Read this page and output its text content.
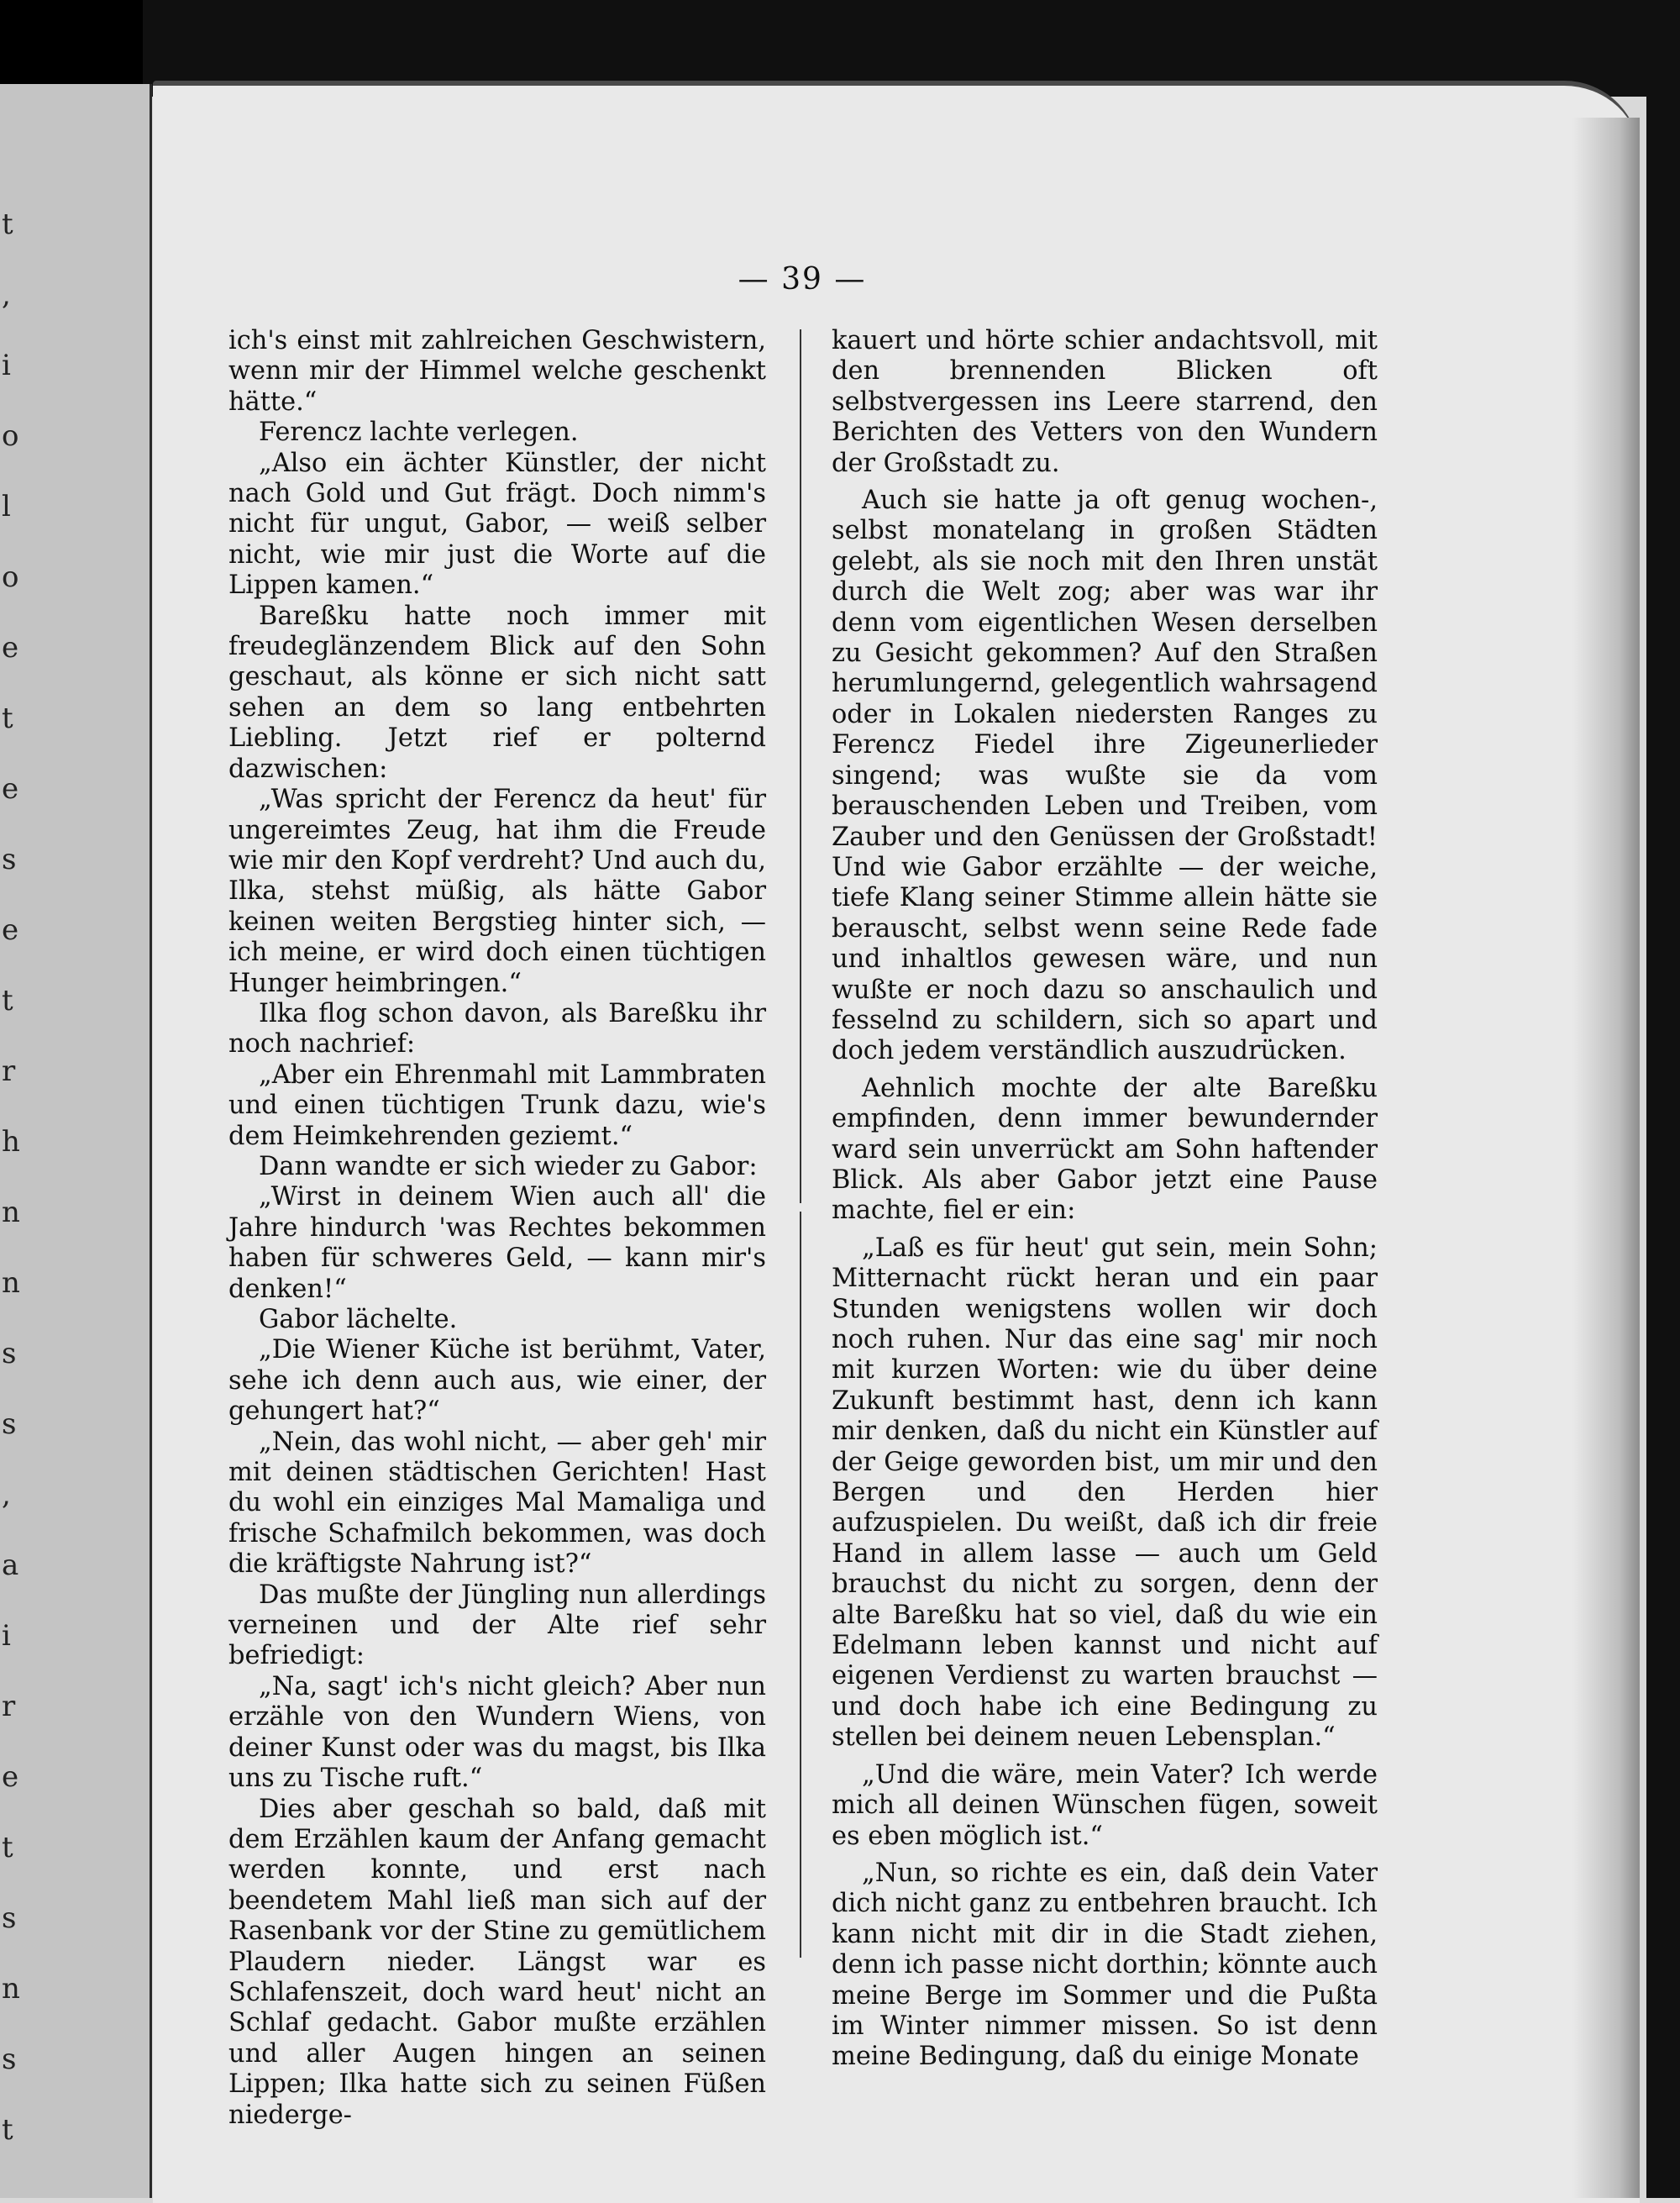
t
,
i
o
l
o
e
t
e
s
e
t
r
h
n
n
s
s
,
a
i
r
e
t
s
n
s
t
— 39 —

ich's einst mit zahlreichen Geschwistern, wenn mir der Himmel welche geschenkt hätte.“

Ferencz lachte verlegen.

„Also ein ächter Künstler, der nicht nach Gold und Gut frägt. Doch nimm's nicht für ungut, Gabor, — weiß selber nicht, wie mir just die Worte auf die Lippen kamen.“

Bareßku hatte noch immer mit freudeglänzendem Blick auf den Sohn geschaut, als könne er sich nicht satt sehen an dem so lang entbehrten Liebling. Jetzt rief er polternd dazwischen:

„Was spricht der Ferencz da heut' für ungereimtes Zeug, hat ihm die Freude wie mir den Kopf verdreht? Und auch du, Ilka, stehst müßig, als hätte Gabor keinen weiten Bergstieg hinter sich, — ich meine, er wird doch einen tüchtigen Hunger heimbringen.“

Ilka flog schon davon, als Bareßku ihr noch nachrief:

„Aber ein Ehrenmahl mit Lammbraten und einen tüchtigen Trunk dazu, wie's dem Heimkehrenden geziemt.“

Dann wandte er sich wieder zu Gabor:

„Wirst in deinem Wien auch all' die Jahre hindurch 'was Rechtes bekommen haben für schweres Geld, — kann mir's denken!“

Gabor lächelte.

„Die Wiener Küche ist berühmt, Vater, sehe ich denn auch aus, wie einer, der gehungert hat?“

„Nein, das wohl nicht, — aber geh' mir mit deinen städtischen Gerichten! Hast du wohl ein einziges Mal Mamaliga und frische Schafmilch bekommen, was doch die kräftigste Nahrung ist?“

Das mußte der Jüngling nun allerdings verneinen und der Alte rief sehr befriedigt:

„Na, sagt' ich's nicht gleich? Aber nun erzähle von den Wundern Wiens, von deiner Kunst oder was du magst, bis Ilka uns zu Tische ruft.“

Dies aber geschah so bald, daß mit dem Erzählen kaum der Anfang gemacht werden konnte, und erst nach beendetem Mahl ließ man sich auf der Rasenbank vor der Stine zu gemütlichem Plaudern nieder. Längst war es Schlafenszeit, doch ward heut' nicht an Schlaf gedacht. Gabor mußte erzählen und aller Augen hingen an seinen Lippen; Ilka hatte sich zu seinen Füßen niederge-

kauert und hörte schier andachtsvoll, mit den brennenden Blicken oft selbstvergessen ins Leere starrend, den Berichten des Vetters von den Wundern der Großstadt zu.

Auch sie hatte ja oft genug wochen-, selbst monatelang in großen Städten gelebt, als sie noch mit den Ihren unstät durch die Welt zog; aber was war ihr denn vom eigentlichen Wesen derselben zu Gesicht gekommen? Auf den Straßen herumlungernd, gelegentlich wahrsagend oder in Lokalen niedersten Ranges zu Ferencz Fiedel ihre Zigeunerlieder singend; was wußte sie da vom berauschenden Leben und Treiben, vom Zauber und den Genüssen der Großstadt! Und wie Gabor erzählte — der weiche, tiefe Klang seiner Stimme allein hätte sie berauscht, selbst wenn seine Rede fade und inhaltlos gewesen wäre, und nun wußte er noch dazu so anschaulich und fesselnd zu schildern, sich so apart und doch jedem verständlich auszudrücken.

Aehnlich mochte der alte Bareßku empfinden, denn immer bewundernder ward sein unverrückt am Sohn haftender Blick. Als aber Gabor jetzt eine Pause machte, fiel er ein:

„Laß es für heut' gut sein, mein Sohn; Mitternacht rückt heran und ein paar Stunden wenigstens wollen wir doch noch ruhen. Nur das eine sag' mir noch mit kurzen Worten: wie du über deine Zukunft bestimmt hast, denn ich kann mir denken, daß du nicht ein Künstler auf der Geige geworden bist, um mir und den Bergen und den Herden hier aufzuspielen. Du weißt, daß ich dir freie Hand in allem lasse — auch um Geld brauchst du nicht zu sorgen, denn der alte Bareßku hat so viel, daß du wie ein Edelmann leben kannst und nicht auf eigenen Verdienst zu warten brauchst — und doch habe ich eine Bedingung zu stellen bei deinem neuen Lebensplan.“

„Und die wäre, mein Vater? Ich werde mich all deinen Wünschen fügen, soweit es eben möglich ist.“

„Nun, so richte es ein, daß dein Vater dich nicht ganz zu entbehren braucht. Ich kann nicht mit dir in die Stadt ziehen, denn ich passe nicht dorthin; könnte auch meine Berge im Sommer und die Pußta im Winter nimmer missen. So ist denn meine Bedingung, daß du einige Monate
